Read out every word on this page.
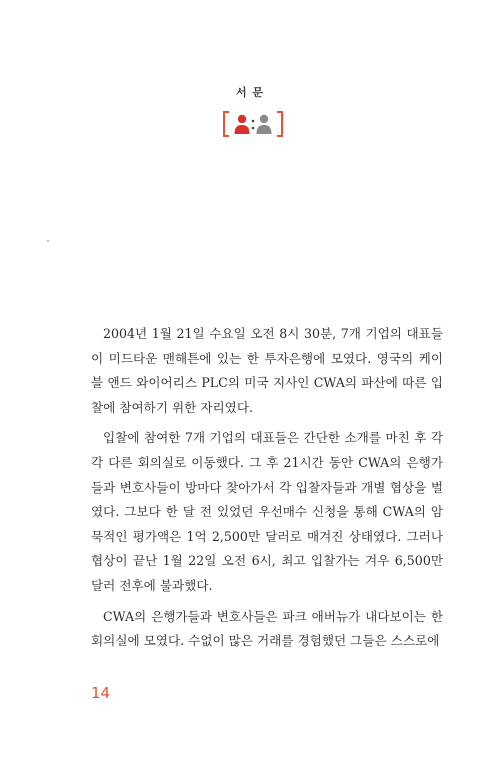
서 문

2004년 1월 21일 수요일 오전 8시 30분, 7개 기업의 대표들이 미드타운 맨해튼에 있는 한 투자은행에 모였다. 영국의 케이블 앤드 와이어리스 PLC의 미국 지사인 CWA의 파산에 따른 입찰에 참여하기 위한 자리였다.

입찰에 참여한 7개 기업의 대표들은 간단한 소개를 마친 후 각각 다른 회의실로 이동했다. 그 후 21시간 동안 CWA의 은행가들과 변호사들이 방마다 찾아가서 각 입찰자들과 개별 협상을 벌였다. 그보다 한 달 전 있었던 우선매수 신청을 통해 CWA의 암묵적인 평가액은 1억 2,500만 달러로 매겨진 상태였다. 그러나 협상이 끝난 1월 22일 오전 6시, 최고 입찰가는 겨우 6,500만 달러 전후에 불과했다.

CWA의 은행가들과 변호사들은 파크 애버뉴가 내다보이는 한 회의실에 모였다. 수없이 많은 거래를 경험했던 그들은 스스로에

14
